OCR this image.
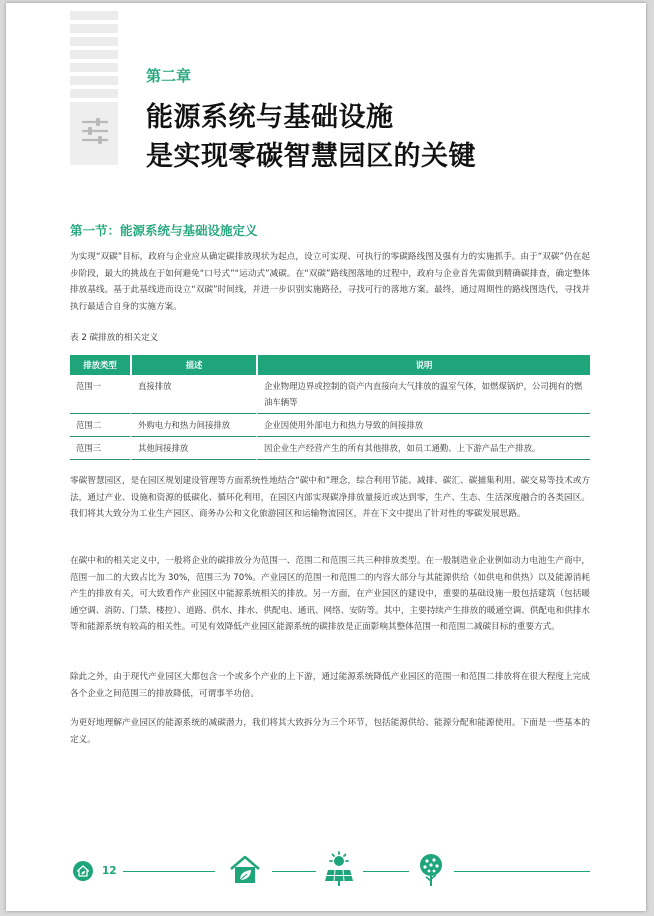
第二章
能源系统与基础设施
是实现零碳智慧园区的关键
第一节：能源系统与基础设施定义

为实现“双碳”目标，政府与企业应从确定碳排放现状为起点，设立可实现、可执行的零碳路线图及强有力的实施抓手。由于“双碳”仍在起步阶段，最大的挑战在于如何避免“口号式”“运动式”减碳。在“双碳”路线图落地的过程中，政府与企业首先需做到精确碳排查，确定整体排放基线。基于此基线进而设立“双碳”时间线，并进一步识别实施路径，寻找可行的落地方案。最终，通过周期性的路线图迭代，寻找并执行最适合自身的实施方案。

表 2 碳排放的相关定义
排放类型	描述	说明
范围一	直接排放	企业物理边界或控制的资产内直接向大气排放的温室气体，如燃煤锅炉，公司拥有的燃油车辆等
范围二	外购电力和热力间接排放	企业因使用外部电力和热力导致的间接排放
范围三	其他间接排放	因企业生产经营产生的所有其他排放，如员工通勤、上下游产品生产排放。

零碳智慧园区，是在园区规划建设管理等方面系统性地结合“碳中和”理念，综合利用节能、减排、碳汇、碳捕集利用、碳交易等技术或方法，通过产业、设施和资源的低碳化、循环化利用，在园区内部实现碳净排放量接近或达到零，生产、生态、生活深度融合的各类园区。我们将其大致分为工业生产园区、商务办公和文化旅游园区和运输物流园区，并在下文中提出了针对性的零碳发展思路。

在碳中和的相关定义中，一般将企业的碳排放分为范围一、范围二和范围三共三种排放类型。在一般制造业企业例如动力电池生产商中，范围一加二的大致占比为 30%，范围三为 70%。产业园区的范围一和范围二的内容大部分与其能源供给（如供电和供热）以及能源消耗产生的排放有关，可大致看作产业园区中能源系统相关的排放。另一方面，在产业园区的建设中，重要的基础设施一般包括建筑（包括暖通空调、消防、门禁、楼控）、道路、供水、排水、供配电、通讯、网络、安防等。其中，主要持续产生排放的暖通空调、供配电和供排水等和能源系统有较高的相关性。可见有效降低产业园区能源系统的碳排放是正面影响其整体范围一和范围二减碳目标的重要方式。

除此之外，由于现代产业园区大都包含一个或多个产业的上下游，通过能源系统降低产业园区的范围一和范围二排放将在很大程度上完成各个企业之间范围三的排放降低，可谓事半功倍。

为更好地理解产业园区的能源系统的减碳潜力，我们将其大致拆分为三个环节，包括能源供给、能源分配和能源使用。下面是一些基本的定义。

12
